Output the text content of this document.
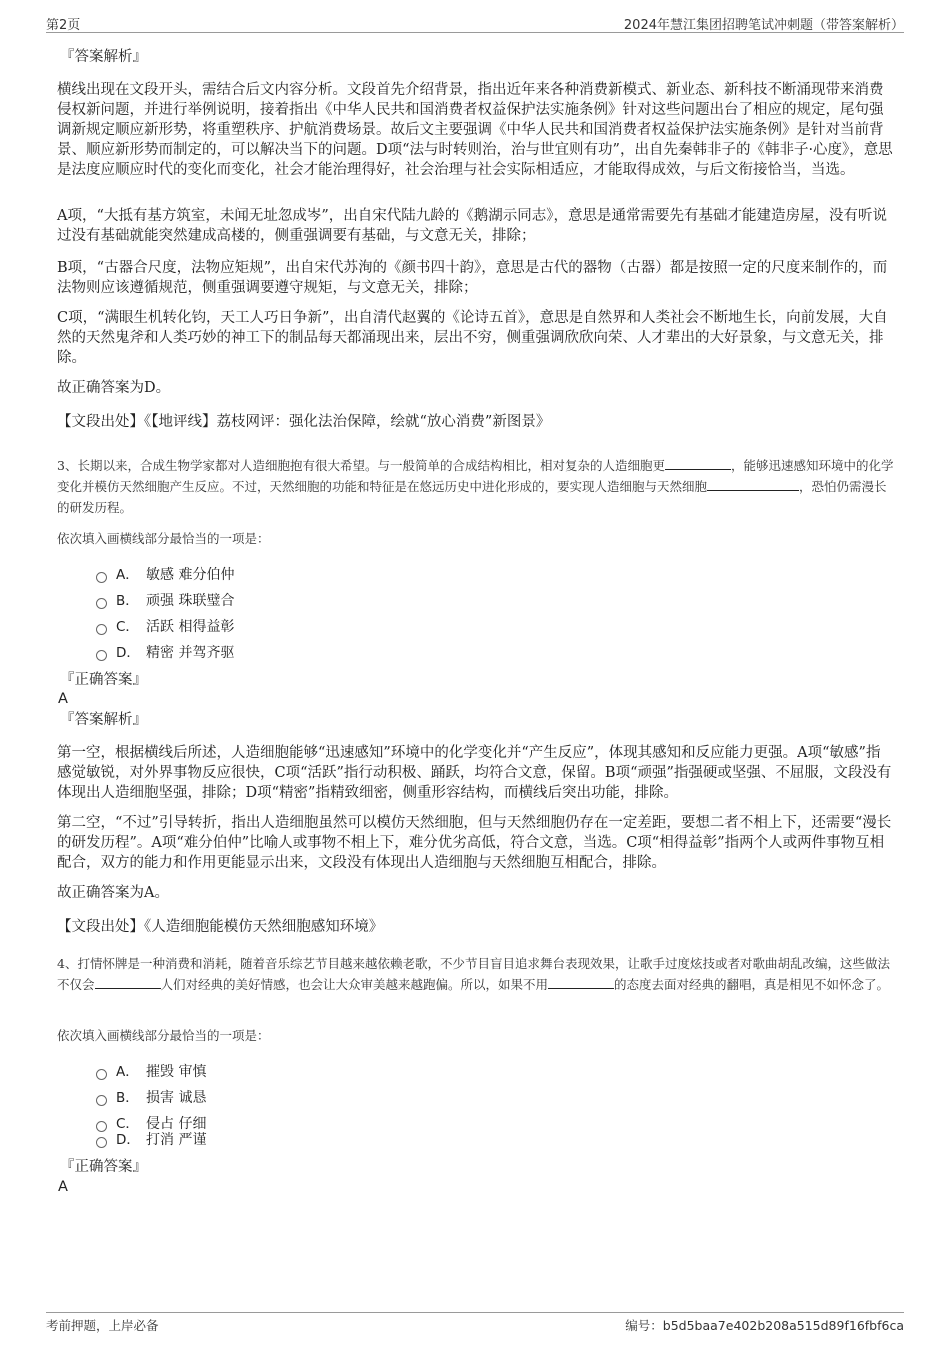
第2页	2024年慧江集团招聘笔试冲刺题（带答案解析）
『答案解析』

横线出现在文段开头，需结合后文内容分析。文段首先介绍背景，指出近年来各种消费新模式、新业态、新科技不断涌现带来消费侵权新问题，并进行举例说明，接着指出《中华人民共和国消费者权益保护法实施条例》针对这些问题出台了相应的规定，尾句强调新规定顺应新形势，将重塑秩序、护航消费场景。故后文主要强调《中华人民共和国消费者权益保护法实施条例》是针对当前背景、顺应新形势而制定的，可以解决当下的问题。D项“法与时转则治，治与世宜则有功”，出自先秦韩非子的《韩非子·心度》，意思是法度应顺应时代的变化而变化，社会才能治理得好，社会治理与社会实际相适应，才能取得成效，与后文衔接恰当，当选。

A项，“大抵有基方筑室，未闻无址忽成岑”，出自宋代陆九龄的《鹅湖示同志》，意思是通常需要先有基础才能建造房屋，没有听说过没有基础就能突然建成高楼的，侧重强调要有基础，与文意无关，排除；

B项，“古器合尺度，法物应矩规”，出自宋代苏洵的《颜书四十韵》，意思是古代的器物（古器）都是按照一定的尺度来制作的，而法物则应该遵循规范，侧重强调要遵守规矩，与文意无关，排除；

C项，“满眼生机转化钧，天工人巧日争新”，出自清代赵翼的《论诗五首》，意思是自然界和人类社会不断地生长，向前发展，大自然的天然鬼斧和人类巧妙的神工下的制品每天都涌现出来，层出不穷，侧重强调欣欣向荣、人才辈出的大好景象，与文意无关，排除。

故正确答案为D。

【文段出处】《【地评线】荔枝网评：强化法治保障，绘就“放心消费”新图景》

3、长期以来，合成生物学家都对人造细胞抱有很大希望。与一般简单的合成结构相比，相对复杂的人造细胞更	，能够迅速感知环境中的化学变化并模仿天然细胞产生反应。不过，天然细胞的功能和特征是在悠远历史中进化形成的，要实现人造细胞与天然细胞	，恐怕仍需漫长的研发历程。

依次填入画横线部分最恰当的一项是：

A． 敏感 难分伯仲
B． 顽强 珠联璧合
C． 活跃 相得益彰
D． 精密 并驾齐驱
『正确答案』
A
『答案解析』

第一空，根据横线后所述，人造细胞能够“迅速感知”环境中的化学变化并“产生反应”，体现其感知和反应能力更强。A项“敏感”指感觉敏锐，对外界事物反应很快，C项“活跃”指行动积极、踊跃，均符合文意，保留。B项“顽强”指强硬或坚强、不屈服，文段没有体现出人造细胞坚强，排除；D项“精密”指精致细密，侧重形容结构，而横线后突出功能，排除。

第二空，“不过”引导转折，指出人造细胞虽然可以模仿天然细胞，但与天然细胞仍存在一定差距，要想二者不相上下，还需要“漫长的研发历程”。A项“难分伯仲”比喻人或事物不相上下，难分优劣高低，符合文意，当选。C项“相得益彰”指两个人或两件事物互相配合，双方的能力和作用更能显示出来，文段没有体现出人造细胞与天然细胞互相配合，排除。

故正确答案为A。

【文段出处】《人造细胞能模仿天然细胞感知环境》

4、打情怀牌是一种消费和消耗，随着音乐综艺节目越来越依赖老歌，不少节目盲目追求舞台表现效果，让歌手过度炫技或者对歌曲胡乱改编，这些做法不仅会	人们对经典的美好情感，也会让大众审美越来越跑偏。所以，如果不用	的态度去面对经典的翻唱，真是相见不如怀念了。

依次填入画横线部分最恰当的一项是：

A． 摧毁 审慎
B． 损害 诚恳
C． 侵占 仔细
D． 打消 严谨
『正确答案』
A
考前押题，上岸必备	编号：b5d5baa7e402b208a515d89f16fbf6ca
